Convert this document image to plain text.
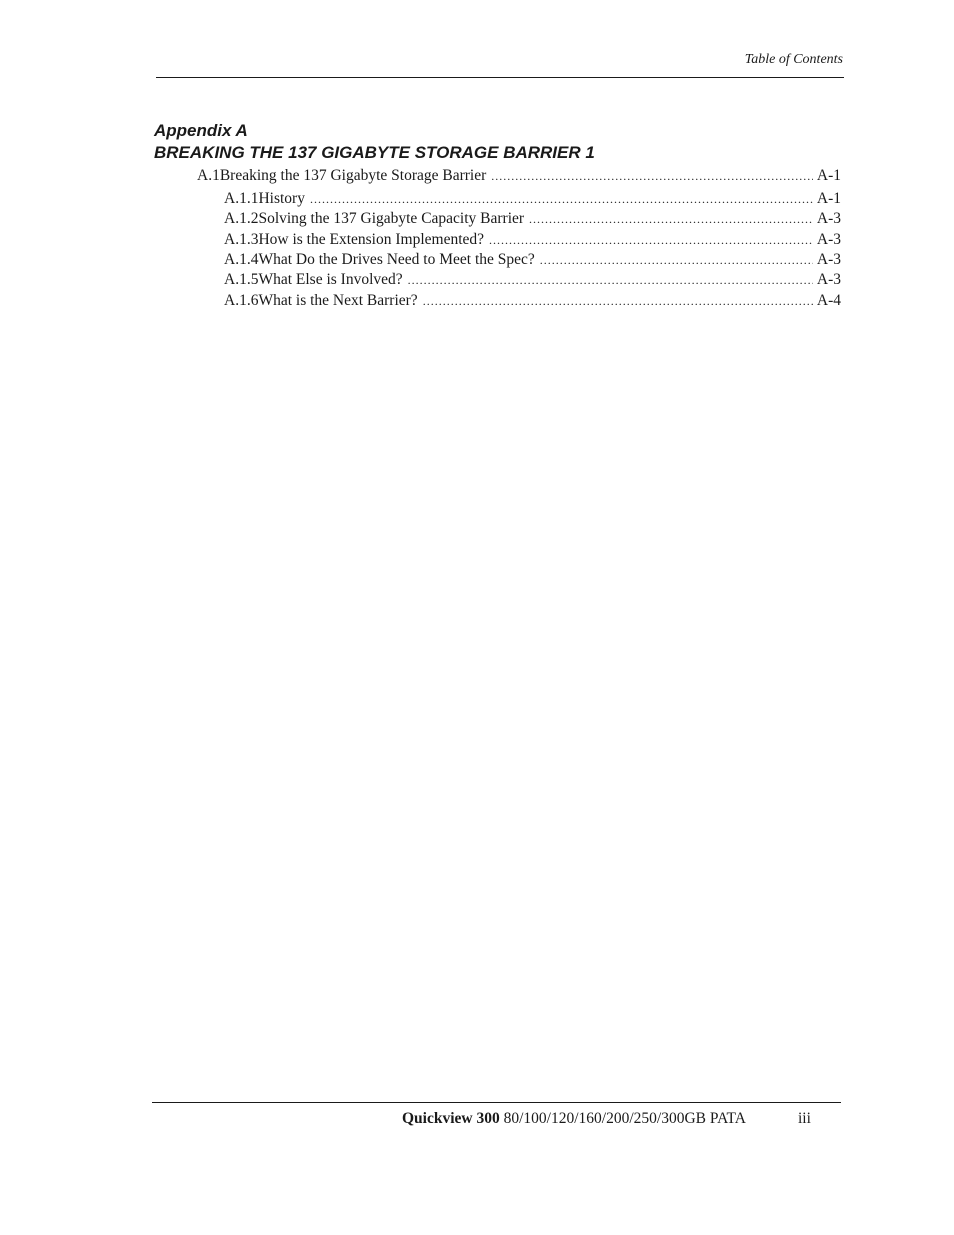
Table of Contents
Appendix A
BREAKING THE 137 GIGABYTE STORAGE BARRIER 1
A.1 Breaking the 137 Gigabyte Storage Barrier .....	A-1
A.1.1 History .....	A-1
A.1.2 Solving the 137 Gigabyte Capacity Barrier .....	A-3
A.1.3 How is the Extension Implemented? .....	A-3
A.1.4 What Do the Drives Need to Meet the Spec? .....	A-3
A.1.5 What Else is Involved? .....	A-3
A.1.6 What is the Next Barrier? .....	A-4
Quickview 300 80/100/120/160/200/250/300GB PATA	iii
